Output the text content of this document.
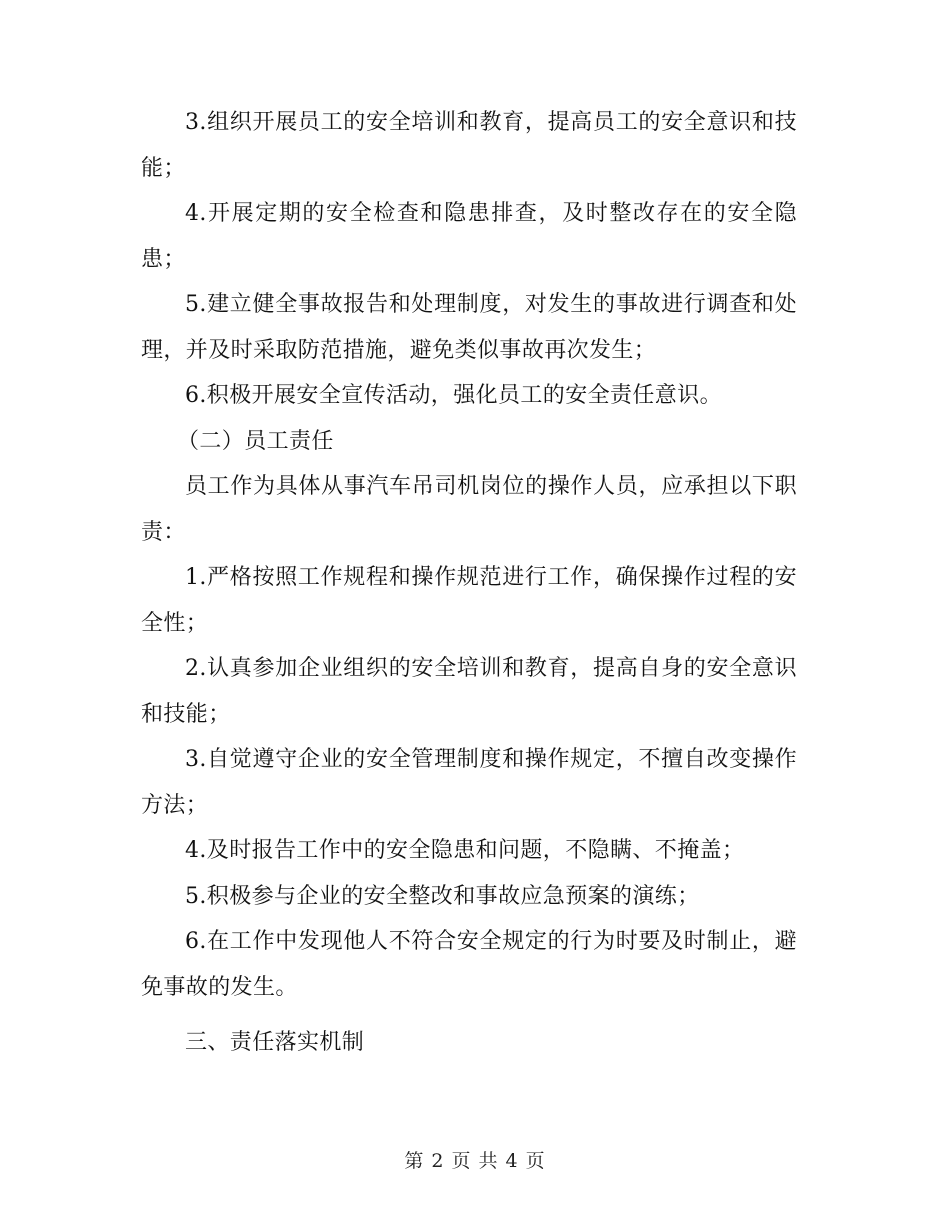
3.组织开展员工的安全培训和教育，提高员工的安全意识和技能；

4.开展定期的安全检查和隐患排查，及时整改存在的安全隐患；

5.建立健全事故报告和处理制度，对发生的事故进行调查和处理，并及时采取防范措施，避免类似事故再次发生；

6.积极开展安全宣传活动，强化员工的安全责任意识。

（二）员工责任

员工作为具体从事汽车吊司机岗位的操作人员，应承担以下职责：

1.严格按照工作规程和操作规范进行工作，确保操作过程的安全性；

2.认真参加企业组织的安全培训和教育，提高自身的安全意识和技能；

3.自觉遵守企业的安全管理制度和操作规定，不擅自改变操作方法；

4.及时报告工作中的安全隐患和问题，不隐瞒、不掩盖；

5.积极参与企业的安全整改和事故应急预案的演练；

6.在工作中发现他人不符合安全规定的行为时要及时制止，避免事故的发生。

三、责任落实机制

第 2 页 共 4 页
